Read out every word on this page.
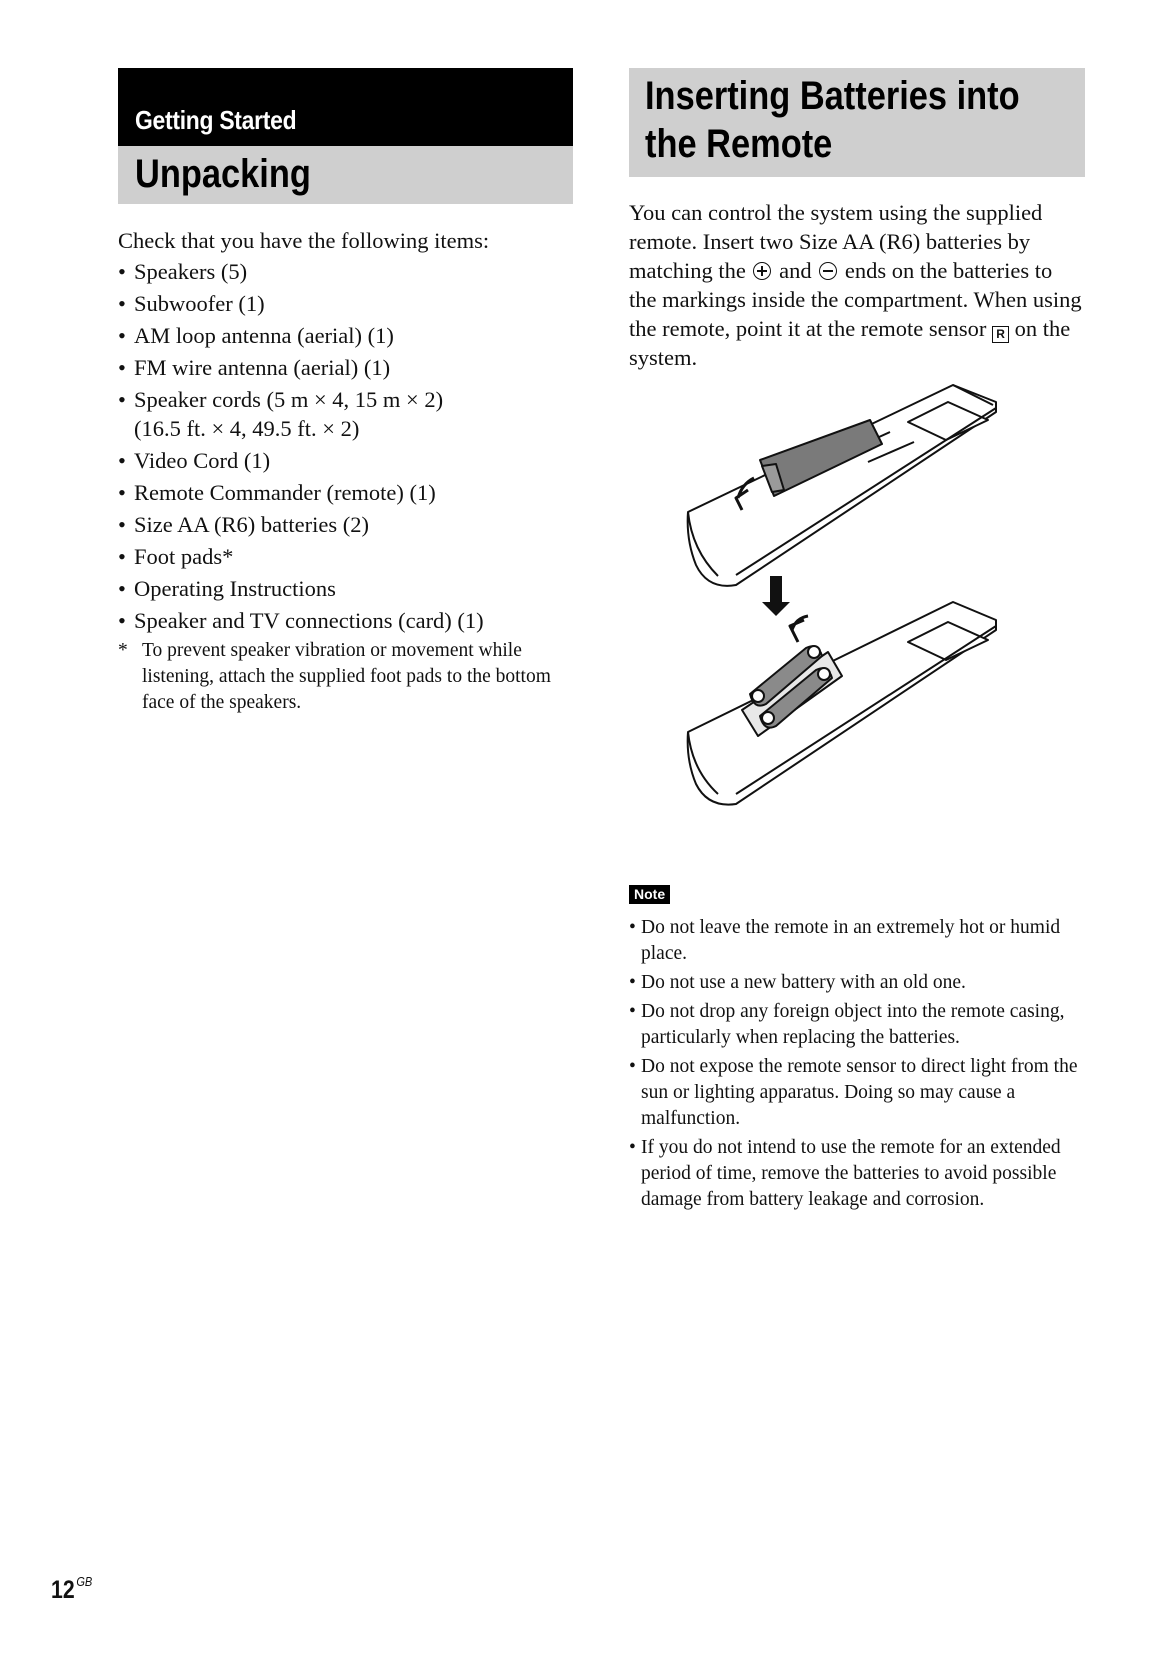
Getting Started
Unpacking
Check that you have the following items:
• Speakers (5)
• Subwoofer (1)
• AM loop antenna (aerial) (1)
• FM wire antenna (aerial) (1)
• Speaker cords (5 m × 4, 15 m × 2)
(16.5 ft. × 4, 49.5 ft. × 2)
• Video Cord (1)
• Remote Commander (remote) (1)
• Size AA (R6) batteries (2)
• Foot pads*
• Operating Instructions
• Speaker and TV connections (card) (1)
* To prevent speaker vibration or movement while listening, attach the supplied foot pads to the bottom face of the speakers.
Inserting Batteries into
the Remote
You can control the system using the supplied remote. Insert two Size AA (R6) batteries by matching the and ends on the batteries to the markings inside the compartment. When using the remote, point it at the remote sensor R on the system.
Note
• Do not leave the remote in an extremely hot or humid place.
• Do not use a new battery with an old one.
• Do not drop any foreign object into the remote casing, particularly when replacing the batteries.
• Do not expose the remote sensor to direct light from the sun or lighting apparatus. Doing so may cause a malfunction.
• If you do not intend to use the remote for an extended period of time, remove the batteries to avoid possible damage from battery leakage and corrosion.
12 $^{GB}$
